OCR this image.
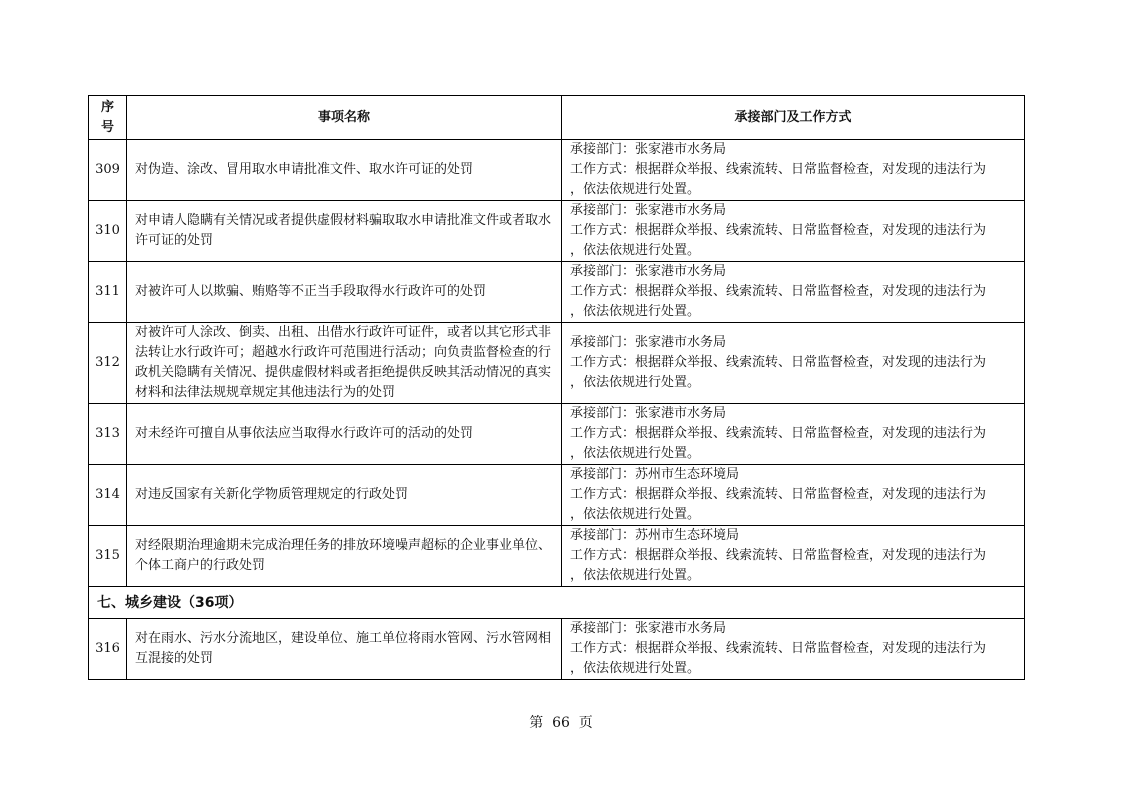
序
号	事项名称	承接部门及工作方式
309	对伪造、涂改、冒用取水申请批准文件、取水许可证的处罚	承接部门：张家港市水务局
工作方式：根据群众举报、线索流转、日常监督检查，对发现的违法行为
，依法依规进行处置。

310	对申请人隐瞒有关情况或者提供虚假材料骗取取水申请批准文件或者取水许可证的处罚	承接部门：张家港市水务局
工作方式：根据群众举报、线索流转、日常监督检查，对发现的违法行为
，依法依规进行处置。

311	对被许可人以欺骗、贿赂等不正当手段取得水行政许可的处罚	承接部门：张家港市水务局
工作方式：根据群众举报、线索流转、日常监督检查，对发现的违法行为
，依法依规进行处置。

312	对被许可人涂改、倒卖、出租、出借水行政许可证件，或者以其它形式非法转让水行政许可；超越水行政许可范围进行活动；向负责监督检查的行政机关隐瞒有关情况、提供虚假材料或者拒绝提供反映其活动情况的真实材料和法律法规规章规定其他违法行为的处罚	承接部门：张家港市水务局
工作方式：根据群众举报、线索流转、日常监督检查，对发现的违法行为
，依法依规进行处置。

313	对未经许可擅自从事依法应当取得水行政许可的活动的处罚	承接部门：张家港市水务局
工作方式：根据群众举报、线索流转、日常监督检查，对发现的违法行为
，依法依规进行处置。

314	对违反国家有关新化学物质管理规定的行政处罚	承接部门：苏州市生态环境局
工作方式：根据群众举报、线索流转、日常监督检查，对发现的违法行为
，依法依规进行处置。

315	对经限期治理逾期未完成治理任务的排放环境噪声超标的企业事业单位、个体工商户的行政处罚	承接部门：苏州市生态环境局
工作方式：根据群众举报、线索流转、日常监督检查，对发现的违法行为
，依法依规进行处置。

七、城乡建设（36项）		
316	对在雨水、污水分流地区，建设单位、施工单位将雨水管网、污水管网相互混接的处罚	承接部门：张家港市水务局
工作方式：根据群众举报、线索流转、日常监督检查，对发现的违法行为
，依法依规进行处置。
第  66  页
